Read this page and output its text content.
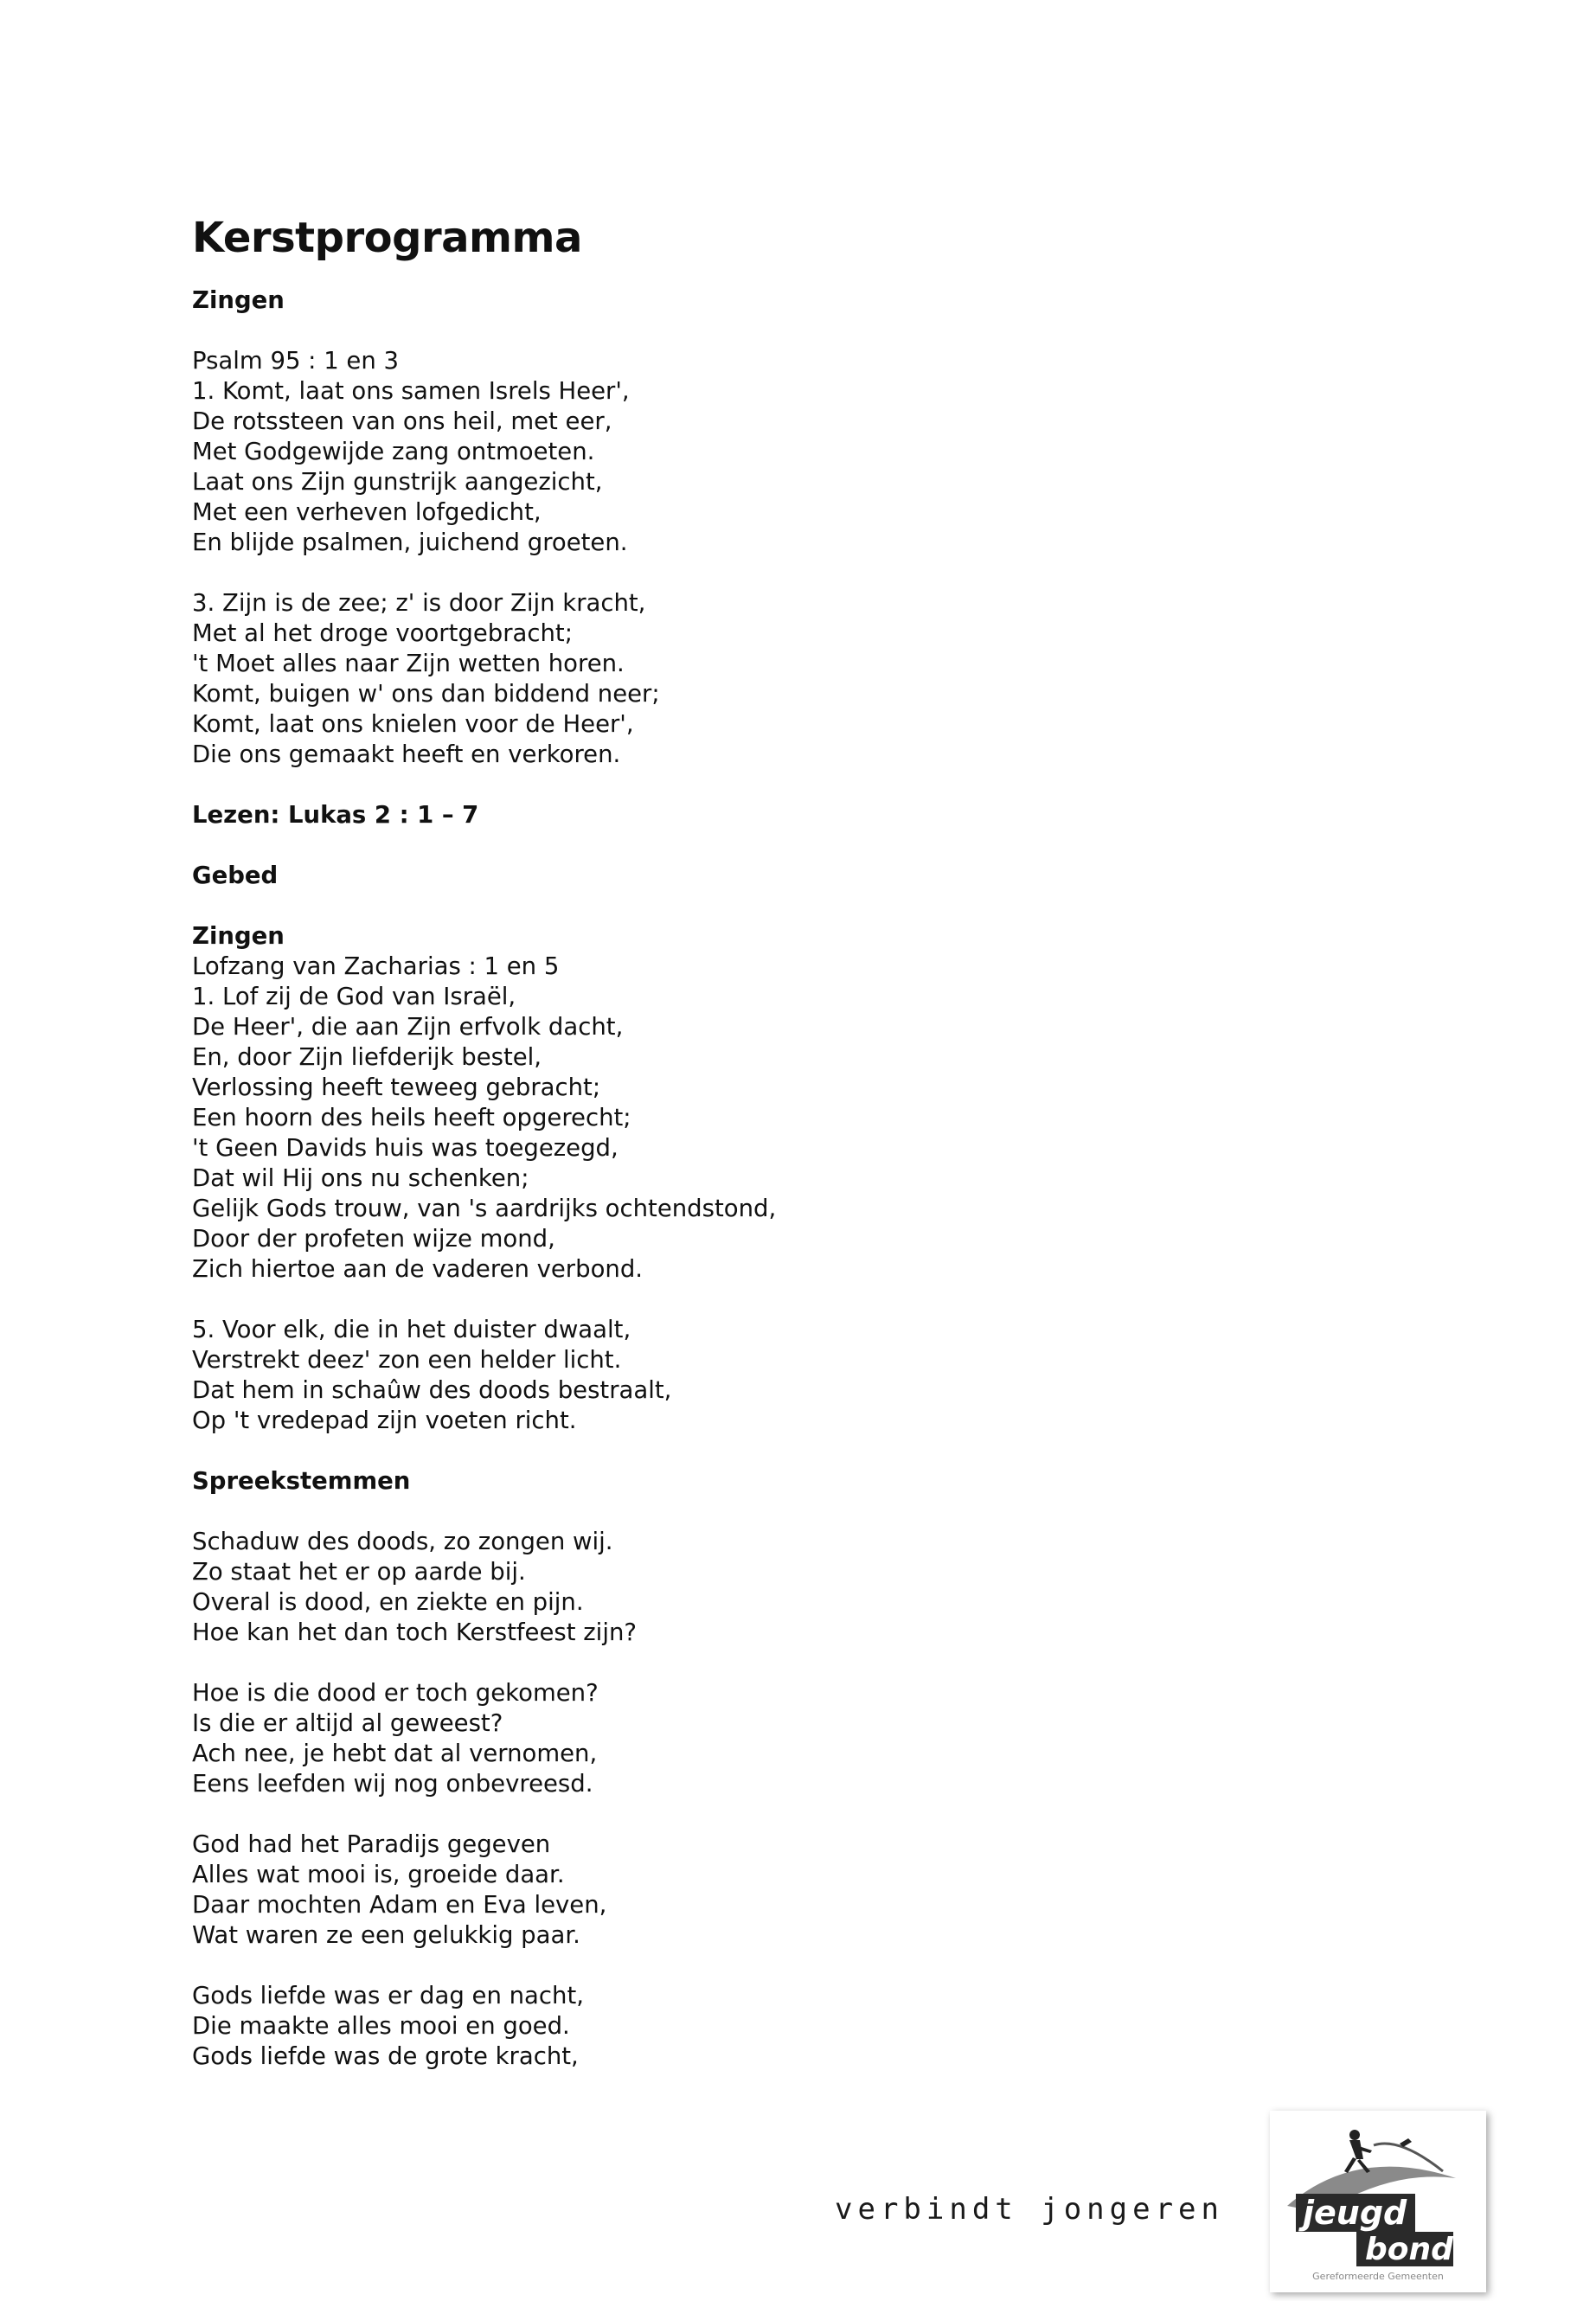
Kerstprogramma
Zingen
Psalm 95 : 1 en 3
1. Komt, laat ons samen Isrels Heer',
De rotssteen van ons heil, met eer,
Met Godgewijde zang ontmoeten.
Laat ons Zijn gunstrijk aangezicht,
Met een verheven lofgedicht,
En blijde psalmen, juichend groeten.
3. Zijn is de zee; z' is door Zijn kracht,
Met al het droge voortgebracht;
't Moet alles naar Zijn wetten horen.
Komt, buigen w' ons dan biddend neer;
Komt, laat ons knielen voor de Heer',
Die ons gemaakt heeft en verkoren.
Lezen: Lukas 2 : 1 – 7
Gebed
Zingen
Lofzang van Zacharias : 1 en 5
1. Lof zij de God van Israël,
De Heer', die aan Zijn erfvolk dacht,
En, door Zijn liefderijk bestel,
Verlossing heeft teweeg gebracht;
Een hoorn des heils heeft opgerecht;
't Geen Davids huis was toegezegd,
Dat wil Hij ons nu schenken;
Gelijk Gods trouw, van 's aardrijks ochtendstond,
Door der profeten wijze mond,
Zich hiertoe aan de vaderen verbond.
5. Voor elk, die in het duister dwaalt,
Verstrekt deez' zon een helder licht.
Dat hem in schaûw des doods bestraalt,
Op 't vredepad zijn voeten richt.
Spreekstemmen
Schaduw des doods, zo zongen wij.
Zo staat het er op aarde bij.
Overal is dood, en ziekte en pijn.
Hoe kan het dan toch Kerstfeest zijn?
Hoe is die dood er toch gekomen?
Is die er altijd al geweest?
Ach nee, je hebt dat al vernomen,
Eens leefden wij nog onbevreesd.
God had het Paradijs gegeven
Alles wat mooi is, groeide daar.
Daar mochten Adam en Eva leven,
Wat waren ze een gelukkig paar.
Gods liefde was er dag en nacht,
Die maakte alles mooi en goed.
Gods liefde was de grote kracht,
verbindt jongeren jeugd
bond
Gereformeerde Gemeenten
